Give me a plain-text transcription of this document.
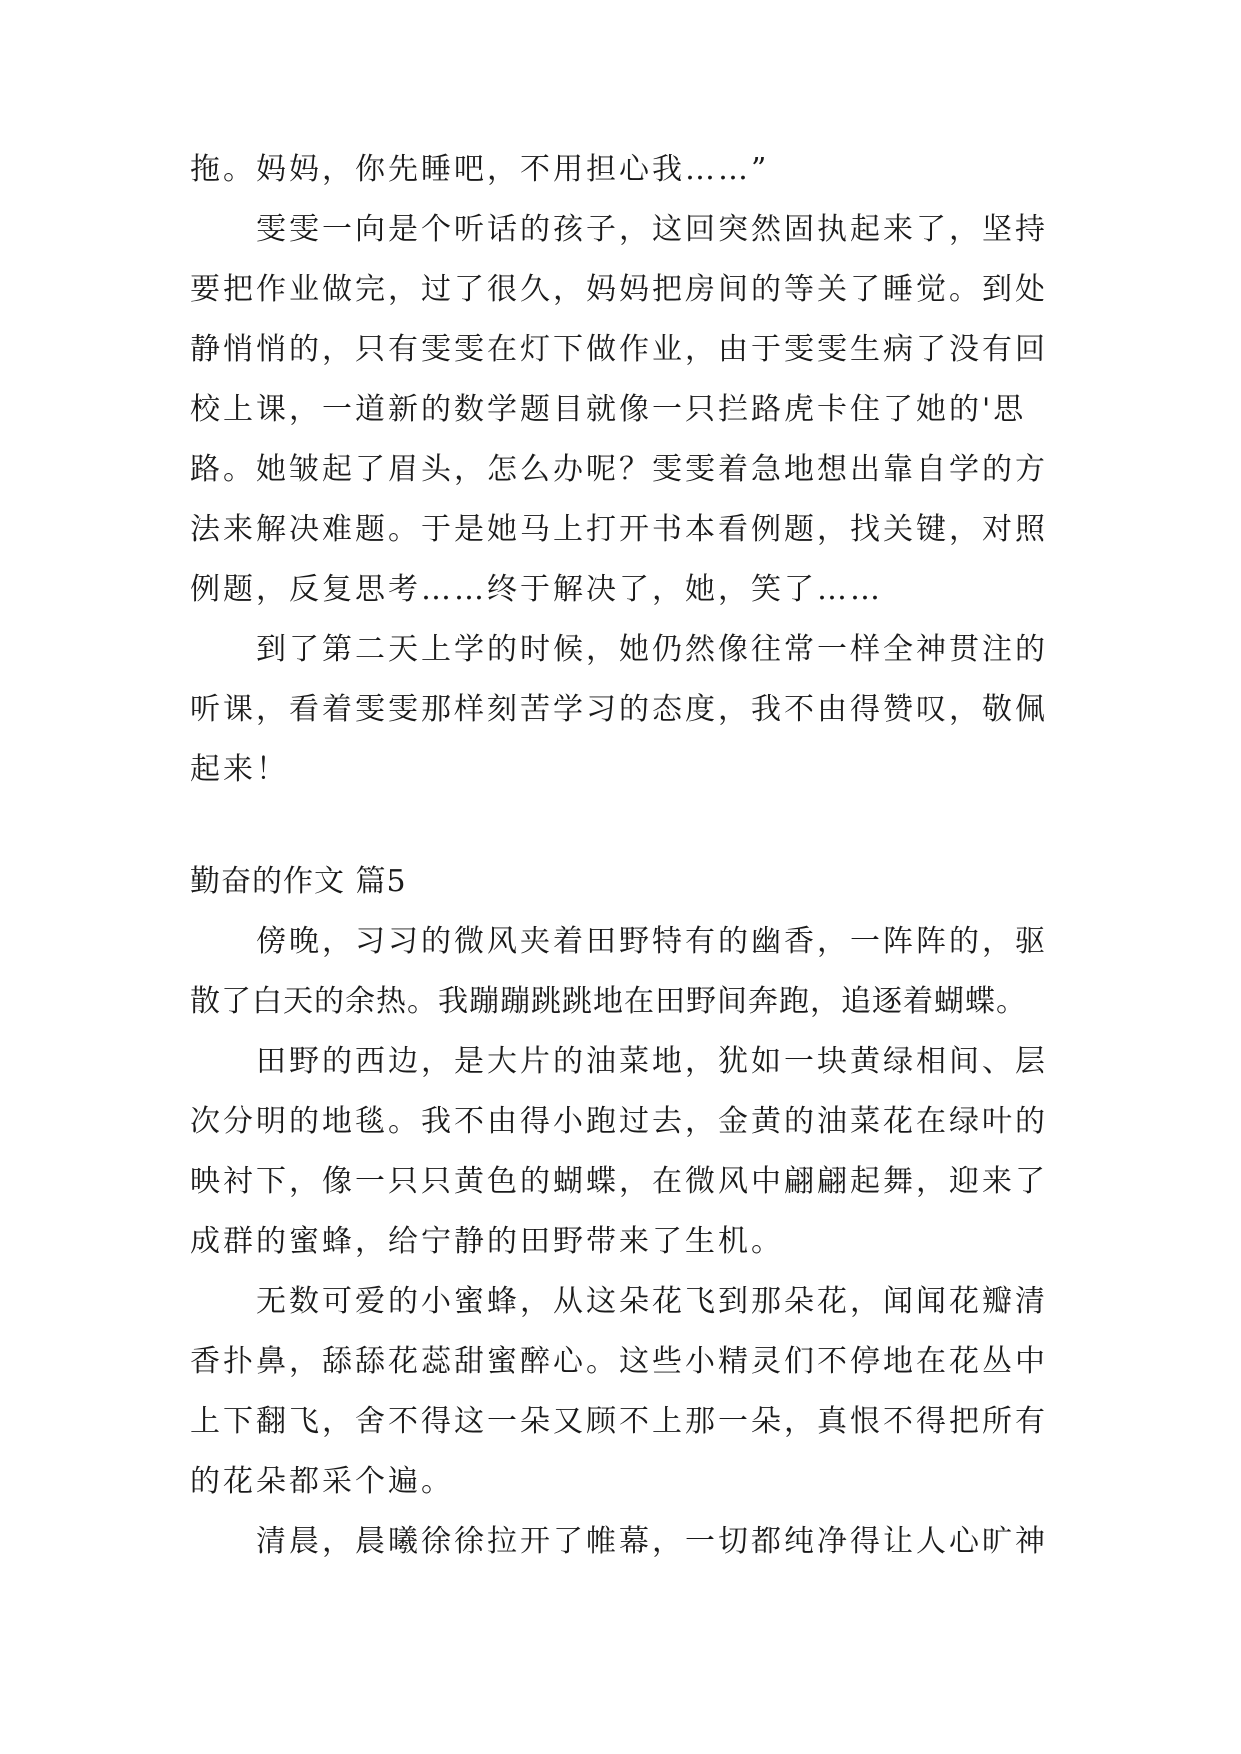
拖。妈妈，你先睡吧，不用担心我……”
雯雯一向是个听话的孩子，这回突然固执起来了，坚持
要把作业做完，过了很久，妈妈把房间的等关了睡觉。到处
静悄悄的，只有雯雯在灯下做作业，由于雯雯生病了没有回
校上课，一道新的数学题目就像一只拦路虎卡住了她的'思
路。她皱起了眉头，怎么办呢？雯雯着急地想出靠自学的方
法来解决难题。于是她马上打开书本看例题，找关键，对照
例题，反复思考……终于解决了，她，笑了……
到了第二天上学的时候，她仍然像往常一样全神贯注的
听课，看着雯雯那样刻苦学习的态度，我不由得赞叹，敬佩
起来！
勤奋的作文 篇5
傍晚，习习的微风夹着田野特有的幽香，一阵阵的，驱
散了白天的余热。我蹦蹦跳跳地在田野间奔跑，追逐着蝴蝶。
田野的西边，是大片的油菜地，犹如一块黄绿相间、层
次分明的地毯。我不由得小跑过去，金黄的油菜花在绿叶的
映衬下，像一只只黄色的蝴蝶，在微风中翩翩起舞，迎来了
成群的蜜蜂，给宁静的田野带来了生机。
无数可爱的小蜜蜂，从这朵花飞到那朵花，闻闻花瓣清
香扑鼻，舔舔花蕊甜蜜醉心。这些小精灵们不停地在花丛中
上下翻飞，舍不得这一朵又顾不上那一朵，真恨不得把所有
的花朵都采个遍。
清晨，晨曦徐徐拉开了帷幕，一切都纯净得让人心旷神
